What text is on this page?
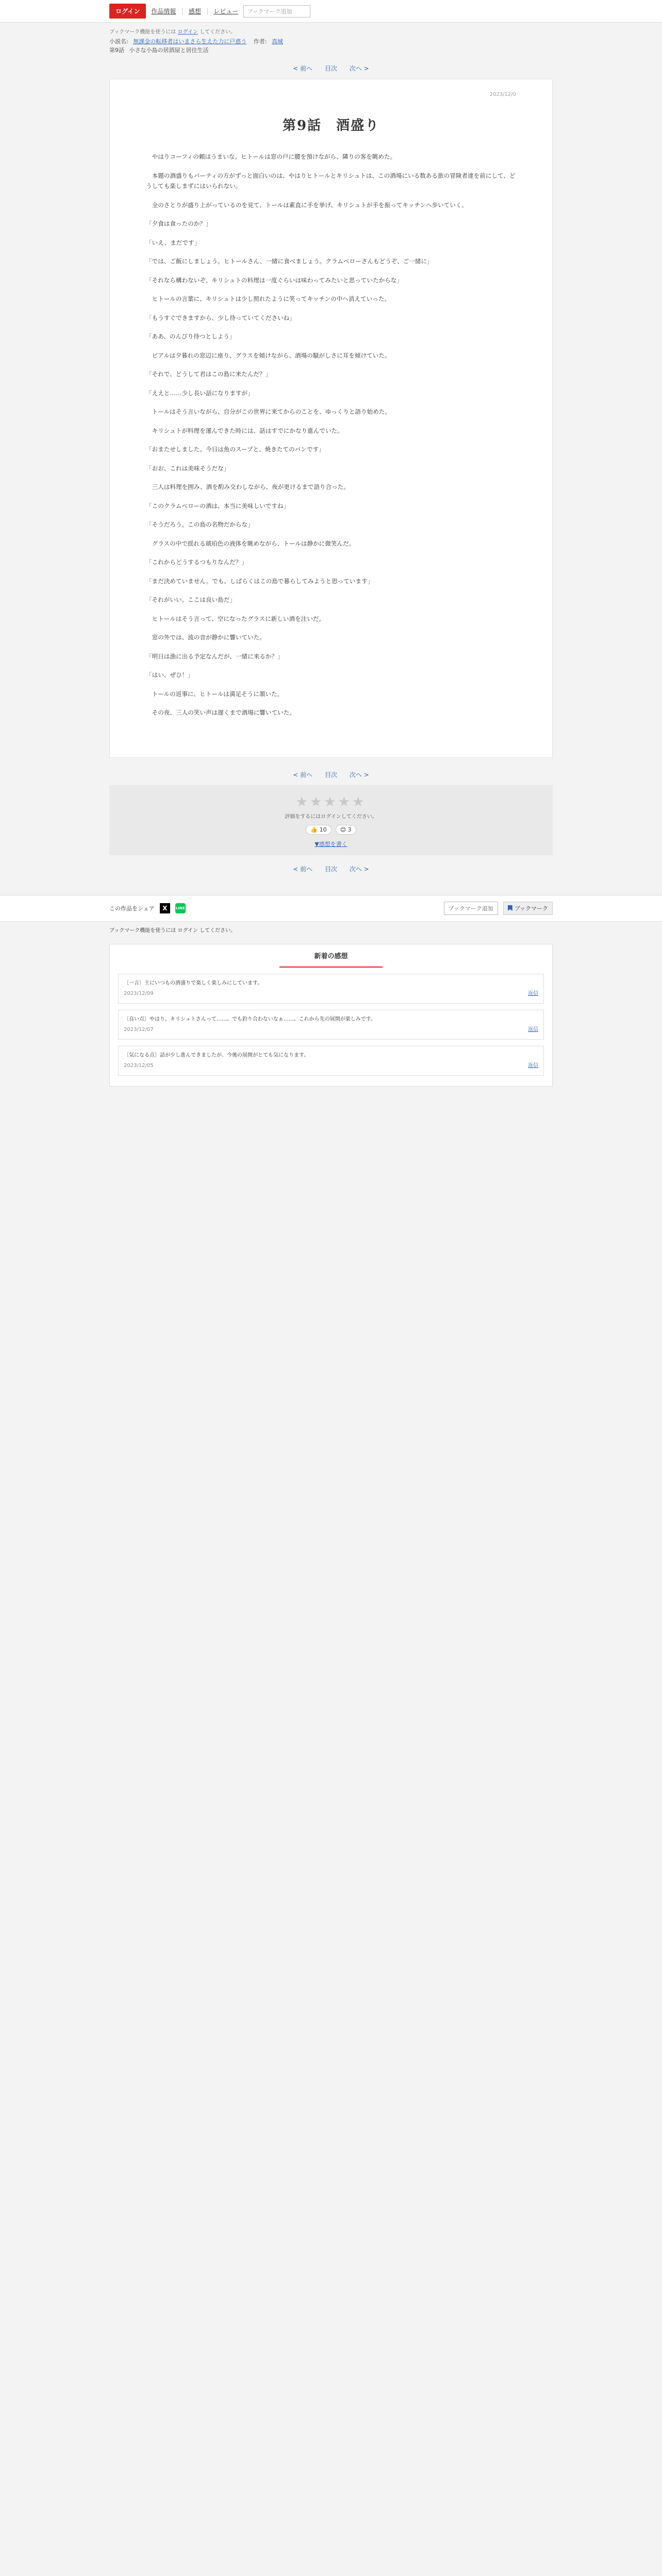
ログイン	作品情報 | 感想 | レビュー	ブックマーク追加
ブックマーク機能を使うには ログイン してください。
小説名: 無課金の転移者はいまさら生えた力に戸惑う 作者: 真城
第9話 小さな小島の居酒屋と居住生活
< 前へ 目次 次へ >
2023/12/0
第9話　酒盛り

　やはりコーフィの頼はうまいな。ヒトールは窓の戸に腰を預けながら、隣りの客を眺めた。

　本題の酒盛りもパーティの方がずっと面白いのは、やはりヒトールとキリシュトは、この酒場にいる数ある旅の冒険者達を前にして、どうしても楽しまずにはいられない。

　全のさとりが盛り上がっているのを見て、トールは素直に手を挙げ、キリシュトが手を振ってキッチンへ歩いていく。

「夕食は食ったのか？」

「いえ、まだです」

「では、ご飯にしましょう。ヒトールさん、一緒に食べましょう。クラムベローさんもどうぞ、ご一緒に」

「それなら構わないぞ、キリシュトの料理は一度ぐらいは味わってみたいと思っていたからな」

　ヒトールの言葉に、キリシュトは少し照れたように笑ってキッチンの中へ消えていった。

「もうすぐできますから、少し待っていてくださいね」

「ああ、のんびり待つとしよう」

　ビアルは夕暮れの窓辺に座り、グラスを傾けながら、酒場の騒がしさに耳を傾けていた。

「それで、どうして君はこの島に来たんだ？」

「ええと……少し長い話になりますが」

　トールはそう言いながら、自分がこの世界に来てからのことを、ゆっくりと語り始めた。

　キリシュトが料理を運んできた時には、話はすでにかなり進んでいた。

「おまたせしました。今日は魚のスープと、焼きたてのパンです」

「おお、これは美味そうだな」

　三人は料理を囲み、酒を酌み交わしながら、夜が更けるまで語り合った。

「このクラムベローの酒は、本当に美味しいですね」

「そうだろう。この島の名物だからな」

　グラスの中で揺れる琥珀色の液体を眺めながら、トールは静かに微笑んだ。

「これからどうするつもりなんだ？」

「まだ決めていません。でも、しばらくはこの島で暮らしてみようと思っています」

「それがいい。ここは良い島だ」

　ヒトールはそう言って、空になったグラスに新しい酒を注いだ。

　窓の外では、波の音が静かに響いていた。

「明日は漁に出る予定なんだが、一緒に来るか？」

「はい、ぜひ！」

　トールの返事に、ヒトールは満足そうに頷いた。

　その夜、三人の笑い声は遅くまで酒場に響いていた。

< 前へ 目次 次へ >
★★★★★
評価をするにはログインしてください。
👍 10	😊 3
▼感想を書く
< 前へ 目次 次へ >
この作品をシェア	X	LINE	ブックマーク追加	ブックマーク
ブックマーク機能を使うには ログイン してください。
新着の感想
〔一言〕主にいつもの酒盛りで楽しく楽しみにしています。
2023/12/09	返信
〔良い点〕やはり、キリシュトさんって……。でも釣り合わないなぁ……。これから先の展開が楽しみです。
2023/12/07	返信
〔気になる点〕話が少し進んできましたが、今後の展開がとても気になります。
2023/12/05	返信
